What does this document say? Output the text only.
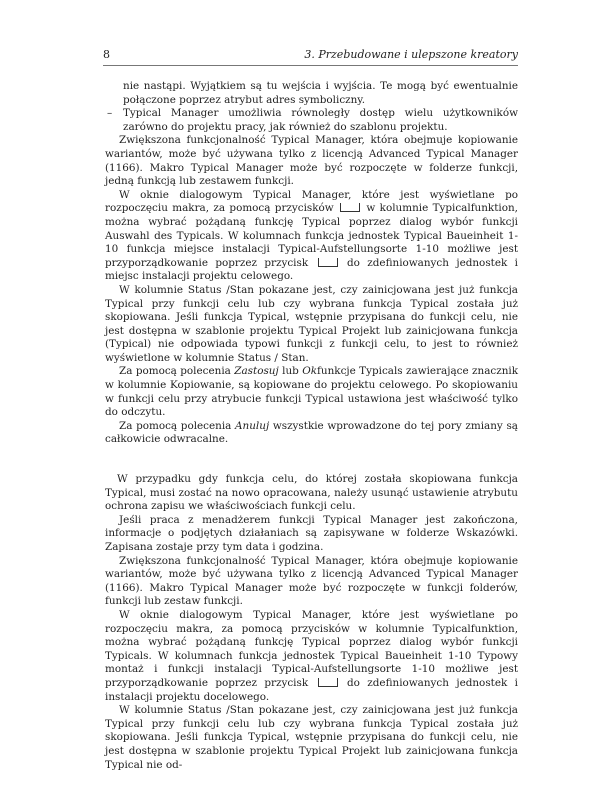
8	3. Przebudowane i ulepszone kreatory

nie nastąpi. Wyjątkiem są tu wejścia i wyjścia. Te mogą być ewentualnie połączone poprzez atrybut adres symboliczny.

– Typical Manager umożliwia równoległy dostęp wielu użytkowników zarówno do projektu pracy, jak również do szablonu projektu.

Zwiększona funkcjonalność Typical Manager, która obejmuje kopiowanie wariantów, może być używana tylko z licencją Advanced Typical Manager (1166). Makro Typical Manager może być rozpoczęte w folderze funkcji, jedną funkcją lub zestawem funkcji.

W oknie dialogowym Typical Manager, które jest wyświetlane po rozpoczęciu makra, za pomocą przycisków	w kolumnie Typicalfunktion, można wybrać pożądaną funkcję Typical poprzez dialog wybór funkcji Auswahl des Typicals. W kolumnach funkcja jednostek Typical Baueinheit 1-10 funkcja miejsce instalacji Typical-Aufstellungsorte 1-10 możliwe jest przyporządkowanie poprzez przycisk	do zdefiniowanych jednostek i miejsc instalacji projektu celowego.

W kolumnie Status /Stan pokazane jest, czy zainicjowana jest już funkcja Typical przy funkcji celu lub czy wybrana funkcja Typical została już skopiowana. Jeśli funkcja Typical, wstępnie przypisana do funkcji celu, nie jest dostępna w szablonie projektu Typical Projekt lub zainicjowana funkcja (Typical) nie odpowiada typowi funkcji z funkcji celu, to jest to również wyświetlone w kolumnie Status / Stan.

Za pomocą polecenia Zastosuj lub Okfunkcje Typicals zawierające znacznik w kolumnie Kopiowanie, są kopiowane do projektu celowego. Po skopiowaniu w funkcji celu przy atrybucie funkcji Typical ustawiona jest właściwość tylko do odczytu.

Za pomocą polecenia Anuluj wszystkie wprowadzone do tej pory zmiany są całkowicie odwracalne.

W przypadku gdy funkcja celu, do której została skopiowana funkcja Typical, musi zostać na nowo opracowana, należy usunąć ustawienie atrybutu ochrona zapisu we właściwościach funkcji celu.

Jeśli praca z menadżerem funkcji Typical Manager jest zakończona, informacje o podjętych działaniach są zapisywane w folderze Wskazówki. Zapisana zostaje przy tym data i godzina.

Zwiększona funkcjonalność Typical Manager, która obejmuje kopiowanie wariantów, może być używana tylko z licencją Advanced Typical Manager (1166). Makro Typical Manager może być rozpoczęte w funkcji folderów, funkcji lub zestaw funkcji.

W oknie dialogowym Typical Manager, które jest wyświetlane po rozpoczęciu makra, za pomocą przycisków w kolumnie Typicalfunktion, można wybrać pożądaną funkcję Typical poprzez dialog wybór funkcji Typicals. W kolumnach funkcja jednostek Typical Baueinheit 1-10 Typowy montaż i funkcji instalacji Typical-Aufstellungsorte 1-10 możliwe jest przyporządkowanie poprzez przycisk	do zdefiniowanych jednostek i instalacji projektu docelowego.

W kolumnie Status /Stan pokazane jest, czy zainicjowana jest już funkcja Typical przy funkcji celu lub czy wybrana funkcja Typical została już skopiowana. Jeśli funkcja Typical, wstępnie przypisana do funkcji celu, nie jest dostępna w szablonie projektu Typical Projekt lub zainicjowana funkcja Typical nie od-
